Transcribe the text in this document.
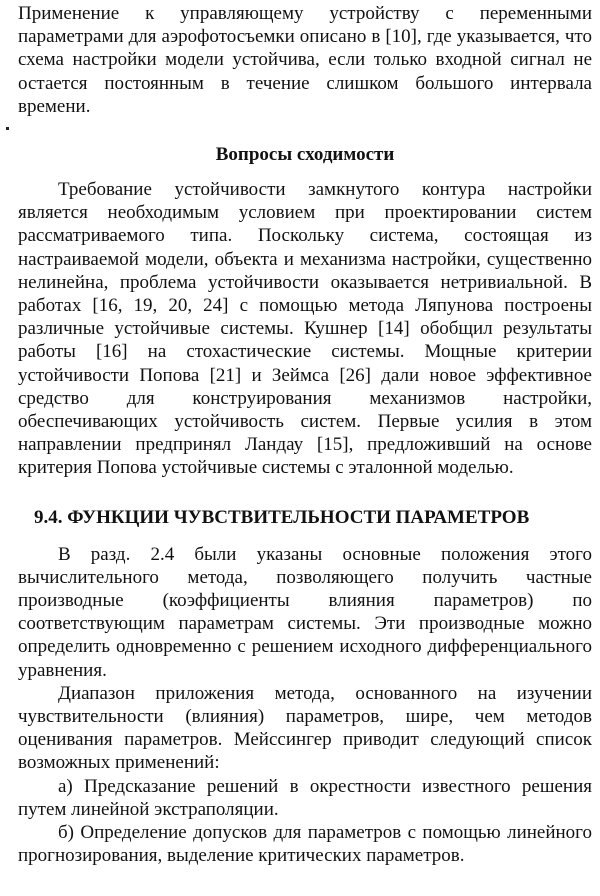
Применение к управляющему устройству с переменными параметрами для аэрофотосъемки описано в [10], где указывается, что схема настройки модели устойчива, если только входной сигнал не остается постоянным в течение слишком большого интервала времени.

Вопросы сходимости

Требование устойчивости замкнутого контура настройки является необходимым условием при проектировании систем рассматриваемого типа. Поскольку система, состоящая из настраиваемой модели, объекта и механизма настройки, существенно нелинейна, проблема устойчивости оказывается нетривиальной. В работах [16, 19, 20, 24] с помощью метода Ляпунова построены различные устойчивые системы. Кушнер [14] обобщил результаты работы [16] на стохастические системы. Мощные критерии устойчивости Попова [21] и Зеймса [26] дали новое эффективное средство для конструирования механизмов настройки, обеспечивающих устойчивость систем. Первые усилия в этом направлении предпринял Ландау [15], предложивший на основе критерия Попова устойчивые системы с эталонной моделью.

9.4. ФУНКЦИИ ЧУВСТВИТЕЛЬНОСТИ ПАРАМЕТРОВ

В разд. 2.4 были указаны основные положения этого вычислительного метода, позволяющего получить частные производные (коэффициенты влияния параметров) по соответствующим параметрам системы. Эти производные можно определить одновременно с решением исходного дифференциального уравнения.

Диапазон приложения метода, основанного на изучении чувствительности (влияния) параметров, шире, чем методов оценивания параметров. Мейссингер приводит следующий список возможных применений:

а) Предсказание решений в окрестности известного решения путем линейной экстраполяции.

б) Определение допусков для параметров с помощью линейного прогнозирования, выделение критических параметров.
